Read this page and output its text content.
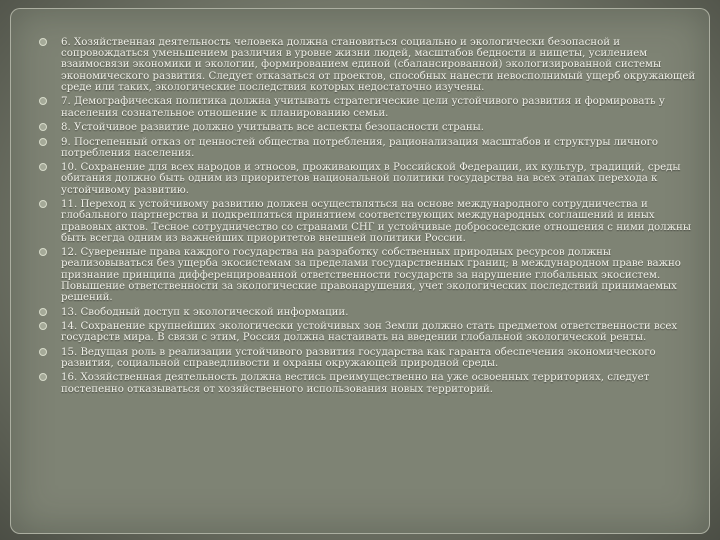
6. Хозяйственная деятельность человека должна становиться социально и экологически безопасной и сопровождаться уменьшением различия в уровне жизни людей, масштабов бедности и нищеты, усилением взаимосвязи экономики и экологии, формированием единой (сбалансированной) экологизированной системы экономического развития. Следует отказаться от проектов, способных нанести невосполнимый ущерб окружающей среде или таких, экологические последствия которых недостаточно изучены.
7. Демографическая политика должна учитывать стратегические цели устойчивого развития и формировать у населения сознательное отношение к планированию семьи.
8. Устойчивое развитие должно учитывать все аспекты безопасности страны.
9. Постепенный отказ от ценностей общества потребления, рационализация масштабов и структуры личного потребления населения.
10. Сохранение для всех народов и этносов, проживающих в Российской Федерации, их культур, традиций, среды обитания должно быть одним из приоритетов национальной политики государства на всех этапах перехода к устойчивому развитию.
11. Переход к устойчивому развитию должен осуществляться на основе международного сотрудничества и глобального партнерства и подкрепляться принятием соответствующих международных соглашений и иных правовых актов. Тесное сотрудничество со странами СНГ и устойчивые добрососедские отношения с ними должны быть всегда одним из важнейших приоритетов внешней политики России.
12. Суверенные права каждого государства на разработку собственных природных ресурсов должны реализовываться без ущерба экосистемам за пределами государственных границ; в международном праве важно признание принципа дифференцированной ответственности государств за нарушение глобальных экосистем. Повышение ответственности за экологические правонарушения, учет экологических последствий принимаемых решений.
13. Свободный доступ к экологической информации.
14. Сохранение крупнейших экологически устойчивых зон Земли должно стать предметом ответственности всех государств мира. В связи с этим, Россия должна настаивать на введении глобальной экологической ренты.
15. Ведущая роль в реализации устойчивого развития государства как гаранта обеспечения экономического развития, социальной справедливости и охраны окружающей природной среды.
16. Хозяйственная деятельность должна вестись преимущественно на уже освоенных территориях, следует постепенно отказываться от хозяйственного использования новых территорий.
